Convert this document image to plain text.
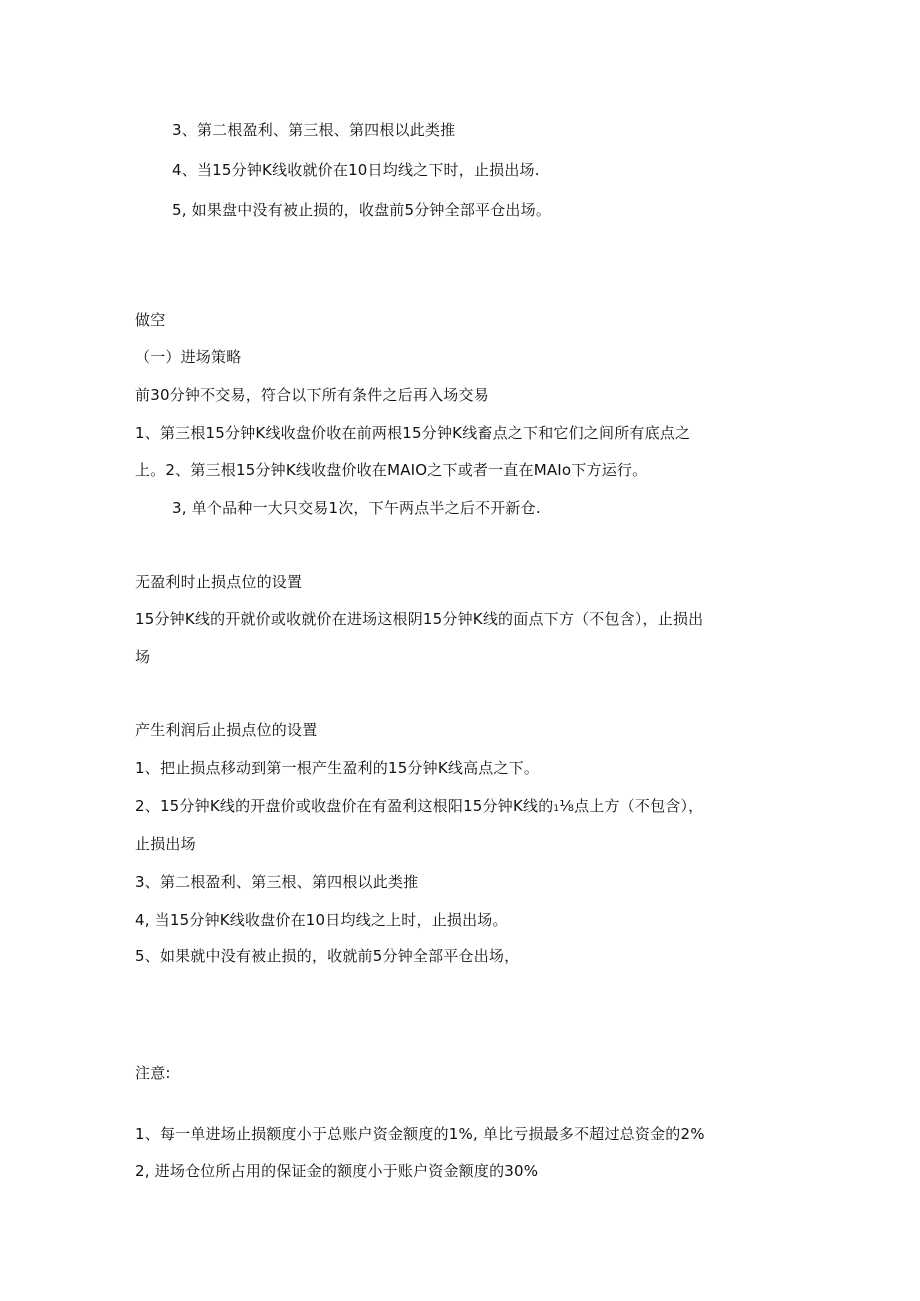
3、第二根盈利、第三根、第四根以此类推
4、当15分钟K线收就价在10日均线之下时，止损出场.
5, 如果盘中没有被止损的，收盘前5分钟全部平仓出场。
做空
（一）进场策略
前30分钟不交易，符合以下所有条件之后再入场交易
1、第三根15分钟K线收盘价收在前两根15分钟K线畜点之下和它们之间所有底点之
上。2、第三根15分钟K线收盘价收在MAIO之下或者一直在MAIo下方运行。
3, 单个品种一大只交易1次，下午两点半之后不开新仓.
无盈利时止损点位的设置
15分钟K线的开就价或收就价在进场这根阴15分钟K线的面点下方（不包含），止损出
场
产生利润后止损点位的设置
1、把止损点移动到第一根产生盈利的15分钟K线高点之下。
2、15分钟K线的开盘价或收盘价在有盈利这根阳15分钟K线的1⅛点上方（不包含），
止损出场
3、第二根盈利、第三根、第四根以此类推
4, 当15分钟K线收盘价在10日均线之上时，止损出场。
5、如果就中没有被止损的，收就前5分钟全部平仓出场，
注意:
1、每一单进场止损额度小于总账户资金额度的1%, 单比亏损最多不超过总资金的2%
2, 进场仓位所占用的保证金的额度小于账户资金额度的30%
